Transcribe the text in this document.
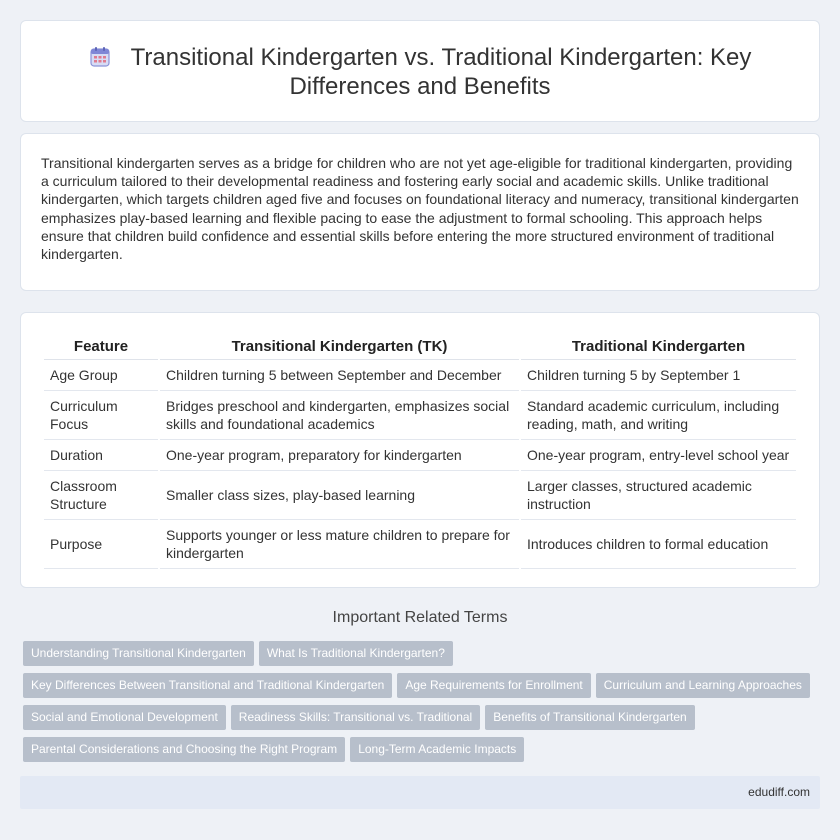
Transitional Kindergarten vs. Traditional Kindergarten: Key
Differences and Benefits

Transitional kindergarten serves as a bridge for children who are not yet age-eligible for traditional kindergarten, providing a curriculum tailored to their developmental readiness and fostering early social and academic skills. Unlike traditional kindergarten, which targets children aged five and focuses on foundational literacy and numeracy, transitional kindergarten emphasizes play-based learning and flexible pacing to ease the adjustment to formal schooling. This approach helps ensure that children build confidence and essential skills before entering the more structured environment of traditional kindergarten.

Feature	Transitional Kindergarten (TK)	Traditional Kindergarten
Age Group	Children turning 5 between September and December	Children turning 5 by September 1
Curriculum Focus	Bridges preschool and kindergarten, emphasizes social skills and foundational academics	Standard academic curriculum, including reading, math, and writing
Duration	One-year program, preparatory for kindergarten	One-year program, entry-level school year
Classroom Structure	Smaller class sizes, play-based learning	Larger classes, structured academic instruction
Purpose	Supports younger or less mature children to prepare for kindergarten	Introduces children to formal education
Important Related Terms
Understanding Transitional Kindergarten What Is Traditional Kindergarten?
Key Differences Between Transitional and Traditional Kindergarten Age Requirements for Enrollment Curriculum and Learning Approaches
Social and Emotional Development Readiness Skills: Transitional vs. Traditional Benefits of Transitional Kindergarten
Parental Considerations and Choosing the Right Program Long-Term Academic Impacts
edudiff.com
